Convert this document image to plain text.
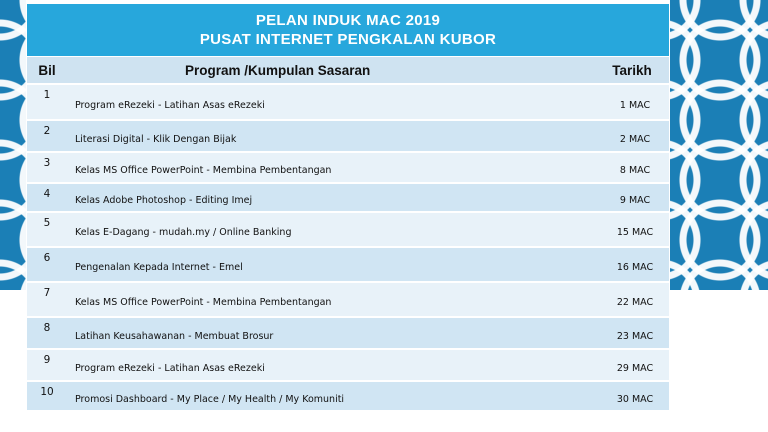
PELAN INDUK MAC 2019
PUSAT INTERNET PENGKALAN KUBOR
Bil	Program /Kumpulan Sasaran	Tarikh
1	Program eRezeki - Latihan Asas eRezeki	1 MAC
2	Literasi Digital - Klik Dengan Bijak	2 MAC
3	Kelas MS Office PowerPoint - Membina Pembentangan	8 MAC
4	Kelas Adobe Photoshop - Editing Imej	9 MAC
5	Kelas E-Dagang - mudah.my / Online Banking	15 MAC
6	Pengenalan Kepada Internet - Emel	16 MAC
7	Kelas MS Office PowerPoint - Membina Pembentangan	22 MAC
8	Latihan Keusahawanan - Membuat Brosur	23 MAC
9	Program eRezeki - Latihan Asas eRezeki	29 MAC
10	Promosi Dashboard - My Place / My Health / My Komuniti	30 MAC
